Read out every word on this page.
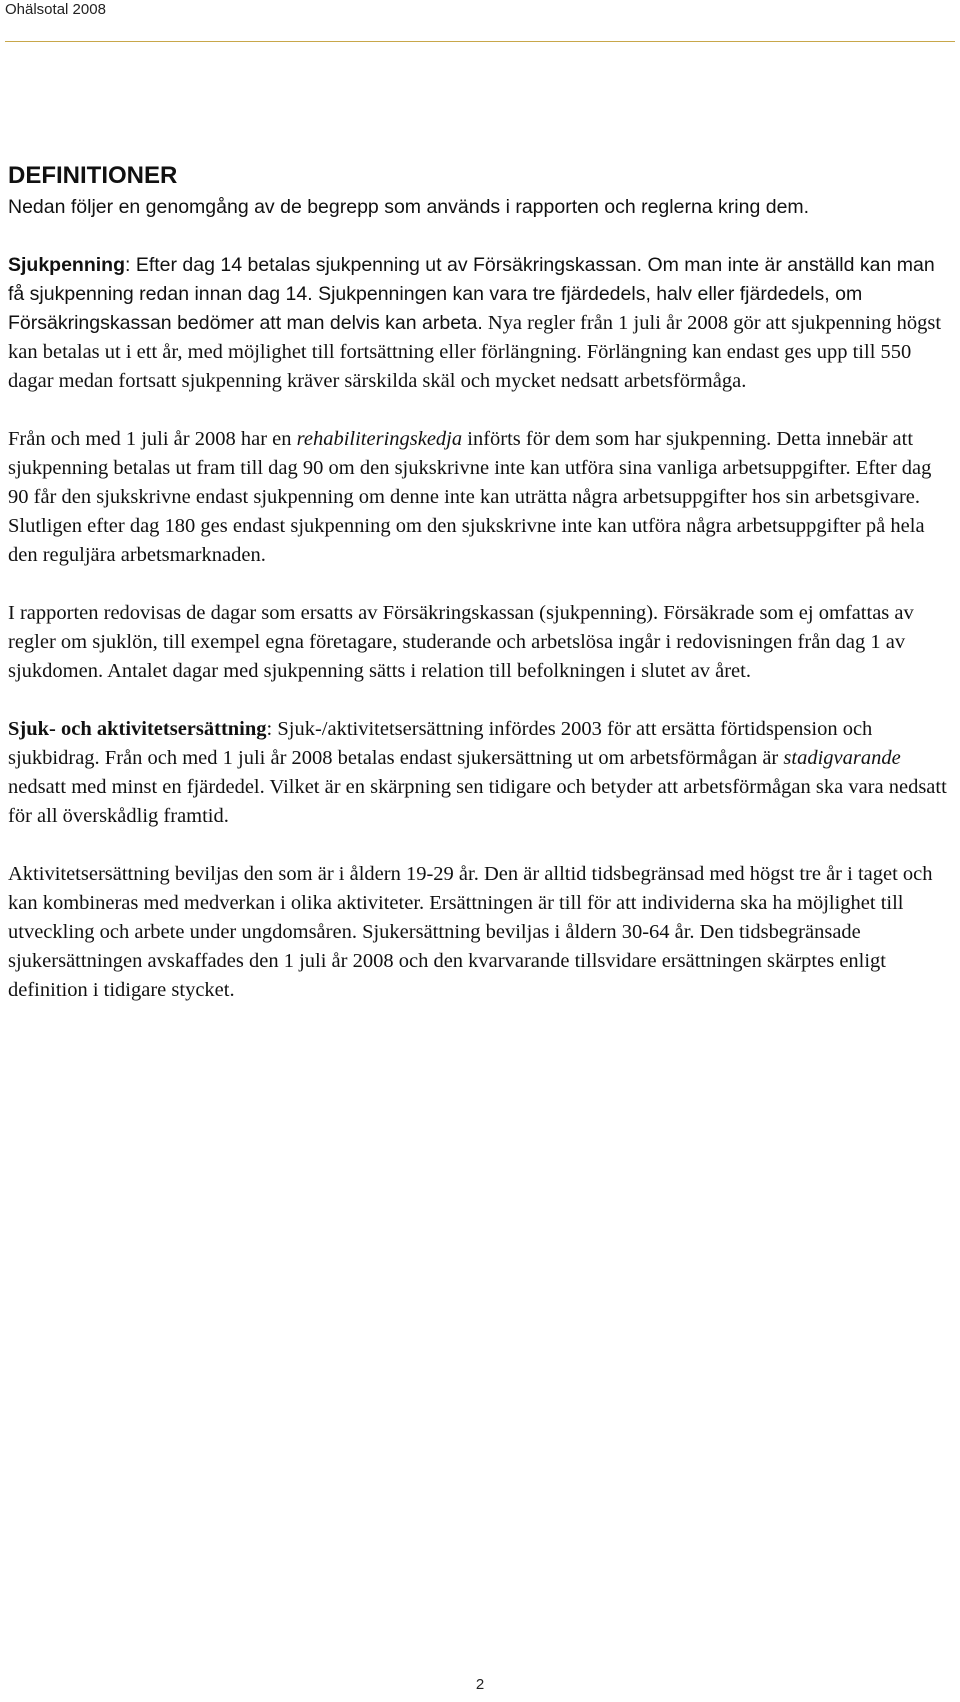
Ohälsotal 2008
DEFINITIONER

Nedan följer en genomgång av de begrepp som används i rapporten och reglerna kring dem.

Sjukpenning: Efter dag 14 betalas sjukpenning ut av Försäkringskassan. Om man inte är anställd kan man få sjukpenning redan innan dag 14. Sjukpenningen kan vara tre fjärdedels, halv eller fjärdedels, om Försäkringskassan bedömer att man delvis kan arbeta. Nya regler från 1 juli år 2008 gör att sjukpenning högst kan betalas ut i ett år, med möjlighet till fortsättning eller förlängning. Förlängning kan endast ges upp till 550 dagar medan fortsatt sjukpenning kräver särskilda skäl och mycket nedsatt arbetsförmåga.

Från och med 1 juli år 2008 har en rehabiliteringskedja införts för dem som har sjukpenning. Detta innebär att sjukpenning betalas ut fram till dag 90 om den sjukskrivne inte kan utföra sina vanliga arbetsuppgifter. Efter dag 90 får den sjukskrivne endast sjukpenning om denne inte kan uträtta några arbetsuppgifter hos sin arbetsgivare. Slutligen efter dag 180 ges endast sjukpenning om den sjukskrivne inte kan utföra några arbetsuppgifter på hela den reguljära arbetsmarknaden.

I rapporten redovisas de dagar som ersatts av Försäkringskassan (sjukpenning). Försäkrade som ej omfattas av regler om sjuklön, till exempel egna företagare, studerande och arbetslösa ingår i redovisningen från dag 1 av sjukdomen. Antalet dagar med sjukpenning sätts i relation till befolkningen i slutet av året.

Sjuk- och aktivitetsersättning: Sjuk-/aktivitetsersättning infördes 2003 för att ersätta förtidspension och sjukbidrag. Från och med 1 juli år 2008 betalas endast sjukersättning ut om arbetsförmågan är stadigvarande nedsatt med minst en fjärdedel. Vilket är en skärpning sen tidigare och betyder att arbetsförmågan ska vara nedsatt för all överskådlig framtid.

Aktivitetsersättning beviljas den som är i åldern 19-29 år. Den är alltid tidsbegränsad med högst tre år i taget och kan kombineras med medverkan i olika aktiviteter. Ersättningen är till för att individerna ska ha möjlighet till utveckling och arbete under ungdomsåren. Sjukersättning beviljas i åldern 30-64 år. Den tidsbegränsade sjukersättningen avskaffades den 1 juli år 2008 och den kvarvarande tillsvidare ersättningen skärptes enligt definition i tidigare stycket.

2
